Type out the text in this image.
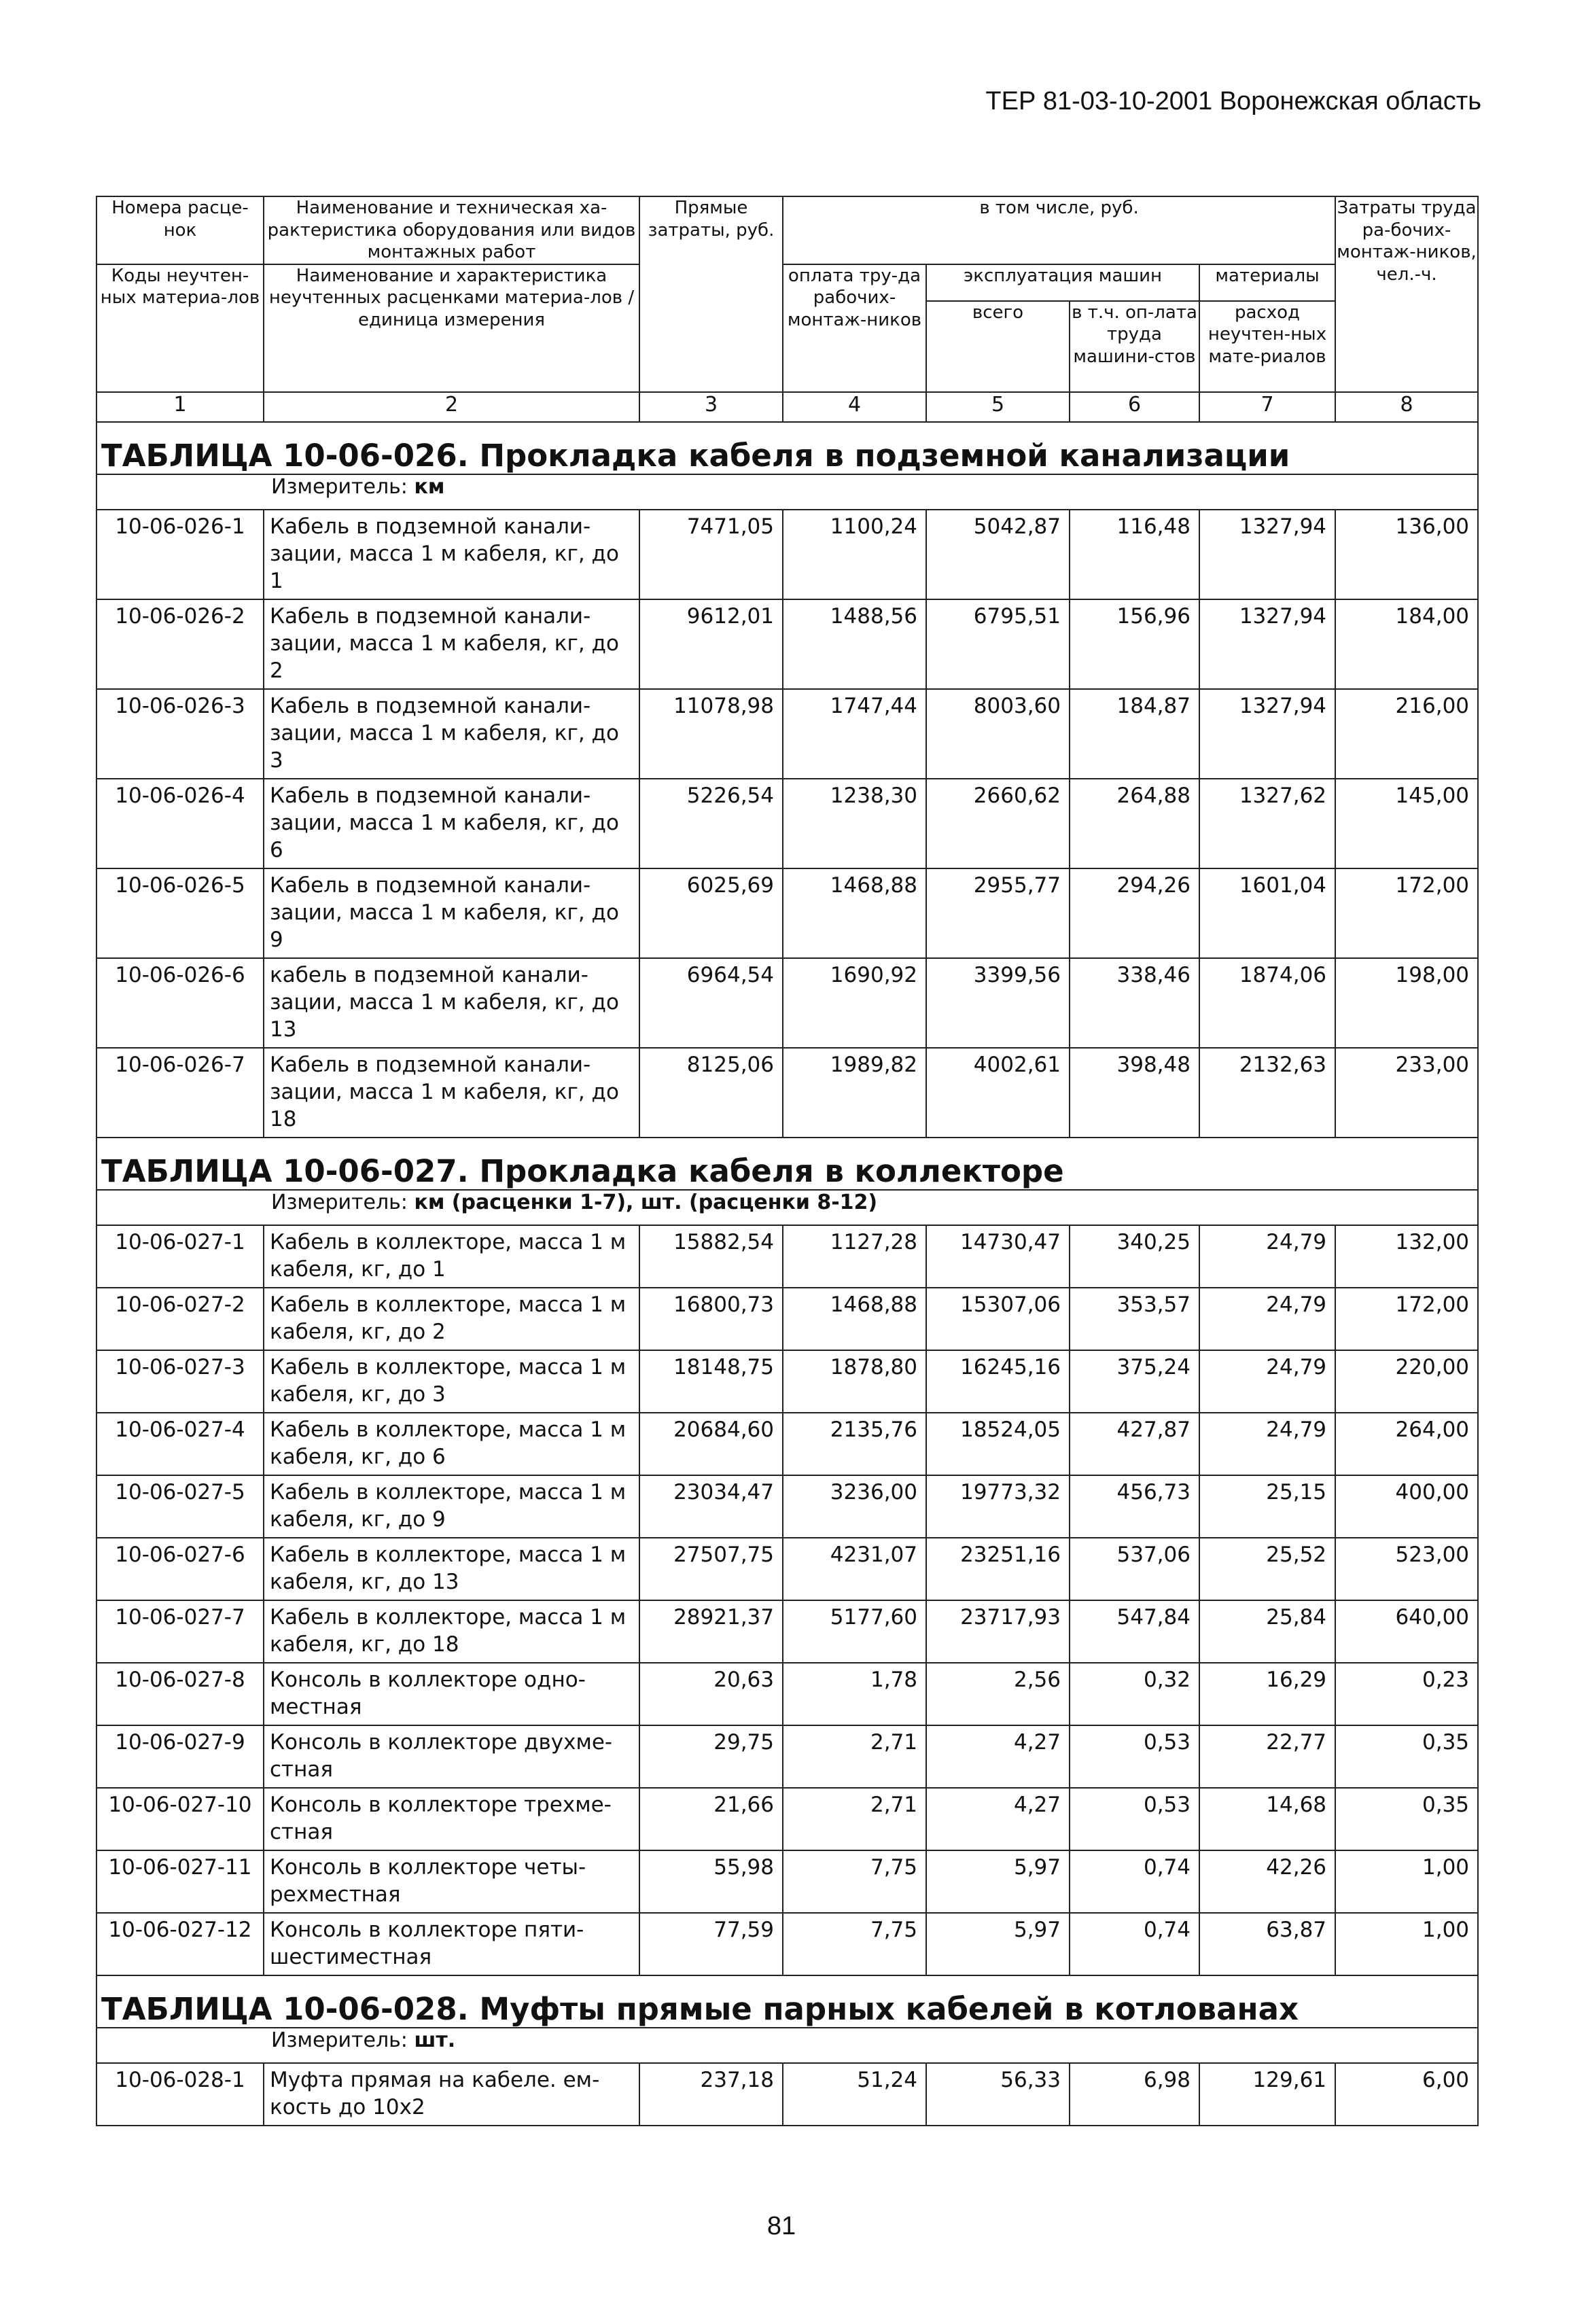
ТЕР 81-03-10-2001 Воронежская область
Номера расце-нок	Наименование и техническая ха-рактеристика оборудования или видов монтажных работ	Прямые затраты, руб.	в том числе, руб.				Затраты труда ра-бочих-монтаж-ников, чел.-ч.
Коды неучтен-ных материа-лов	Наименование и характеристика неучтенных расценками материа-лов / единица измерения		оплата тру-да рабочих-монтаж-ников	эксплуатация машин		материалы	
				всего	в т.ч. оп-лата труда машини-стов	расход неучтен-ных мате-риалов	

1	2	3	4	5	6	7	8

ТАБЛИЦА 10-06-026. Прокладка кабеля в подземной канализации							

Измеритель: км							

10-06-026-1	Кабель в подземной канали-зации, масса 1 м кабеля, кг, до 1	7471,05	1100,24	5042,87	116,48	1327,94	136,00
10-06-026-2	Кабель в подземной канали-зации, масса 1 м кабеля, кг, до 2	9612,01	1488,56	6795,51	156,96	1327,94	184,00
10-06-026-3	Кабель в подземной канали-зации, масса 1 м кабеля, кг, до 3	11078,98	1747,44	8003,60	184,87	1327,94	216,00
10-06-026-4	Кабель в подземной канали-зации, масса 1 м кабеля, кг, до 6	5226,54	1238,30	2660,62	264,88	1327,62	145,00
10-06-026-5	Кабель в подземной канали-зации, масса 1 м кабеля, кг, до 9	6025,69	1468,88	2955,77	294,26	1601,04	172,00
10-06-026-6	кабель в подземной канали-зации, масса 1 м кабеля, кг, до 13	6964,54	1690,92	3399,56	338,46	1874,06	198,00
10-06-026-7	Кабель в подземной канали-зации, масса 1 м кабеля, кг, до 18	8125,06	1989,82	4002,61	398,48	2132,63	233,00

ТАБЛИЦА 10-06-027. Прокладка кабеля в коллекторе							

Измеритель: км (расценки 1-7), шт. (расценки 8-12)							

10-06-027-1	Кабель в коллекторе, масса 1 м кабеля, кг, до 1	15882,54	1127,28	14730,47	340,25	24,79	132,00
10-06-027-2	Кабель в коллекторе, масса 1 м кабеля, кг, до 2	16800,73	1468,88	15307,06	353,57	24,79	172,00
10-06-027-3	Кабель в коллекторе, масса 1 м кабеля, кг, до 3	18148,75	1878,80	16245,16	375,24	24,79	220,00
10-06-027-4	Кабель в коллекторе, масса 1 м кабеля, кг, до 6	20684,60	2135,76	18524,05	427,87	24,79	264,00
10-06-027-5	Кабель в коллекторе, масса 1 м кабеля, кг, до 9	23034,47	3236,00	19773,32	456,73	25,15	400,00
10-06-027-6	Кабель в коллекторе, масса 1 м кабеля, кг, до 13	27507,75	4231,07	23251,16	537,06	25,52	523,00
10-06-027-7	Кабель в коллекторе, масса 1 м кабеля, кг, до 18	28921,37	5177,60	23717,93	547,84	25,84	640,00
10-06-027-8	Консоль в коллекторе одно-местная	20,63	1,78	2,56	0,32	16,29	0,23
10-06-027-9	Консоль в коллекторе двухме-стная	29,75	2,71	4,27	0,53	22,77	0,35
10-06-027-10	Консоль в коллекторе трехме-стная	21,66	2,71	4,27	0,53	14,68	0,35
10-06-027-11	Консоль в коллекторе четы-рехместная	55,98	7,75	5,97	0,74	42,26	1,00
10-06-027-12	Консоль в коллекторе пяти-шестиместная	77,59	7,75	5,97	0,74	63,87	1,00

ТАБЛИЦА 10-06-028. Муфты прямые парных кабелей в котлованах							

Измеритель: шт.							

10-06-028-1	Муфта прямая на кабеле. ем-кость до 10х2	237,18	51,24	56,33	6,98	129,61	6,00
81
